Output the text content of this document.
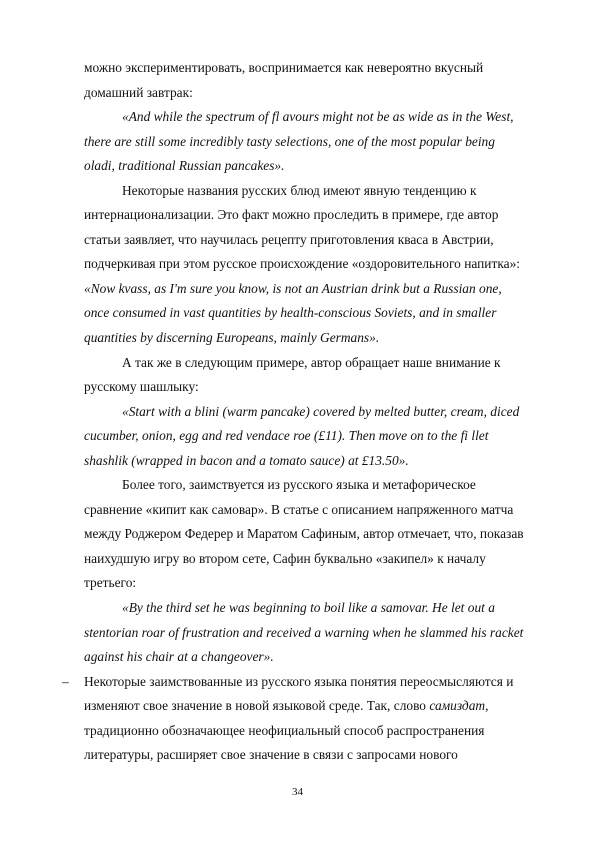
можно экспериментировать, воспринимается как невероятно вкусный
домашний завтрак:
«And while the spectrum of fl avours might not be as wide as in the West,
there are still some incredibly tasty selections, one of the most popular being
oladi, traditional Russian pancakes».
Некоторые названия русских блюд имеют явную тенденцию к
интернационализации. Это факт можно проследить в примере, где автор
статьи заявляет, что научилась рецепту приготовления кваса в Австрии,
подчеркивая при этом русское происхождение «оздоровительного напитка»:
«Now kvass, as I'm sure you know, is not an Austrian drink but a Russian one,
once consumed in vast quantities by health-conscious Soviets, and in smaller
quantities by discerning Europeans, mainly Germans».
А так же в следующим примере, автор обращает наше внимание к
русскому шашлыку:
«Start with a blini (warm pancake) covered by melted butter, cream, diced
cucumber, onion, egg and red vendace roe (£11). Then move on to the fi llet
shashlik (wrapped in bacon and a tomato sauce) at £13.50».
Более того, заимствуется из русского языка и метафорическое
сравнение «кипит как самовар». В статье с описанием напряженного матча
между Роджером Федерер и Маратом Сафиным, автор отмечает, что, показав
наихудшую игру во втором сете, Сафин буквально «закипел» к началу
третьего:
«By the third set he was beginning to boil like a samovar. He let out a
stentorian roar of frustration and received a warning when he slammed his racket
against his chair at a changeover».
– Некоторые заимствованные из русского языка понятия переосмысляются и
изменяют свое значение в новой языковой среде. Так, слово самиздат,
традиционно обозначающее неофициальный способ распространения
литературы, расширяет свое значение в связи с запросами нового
34
